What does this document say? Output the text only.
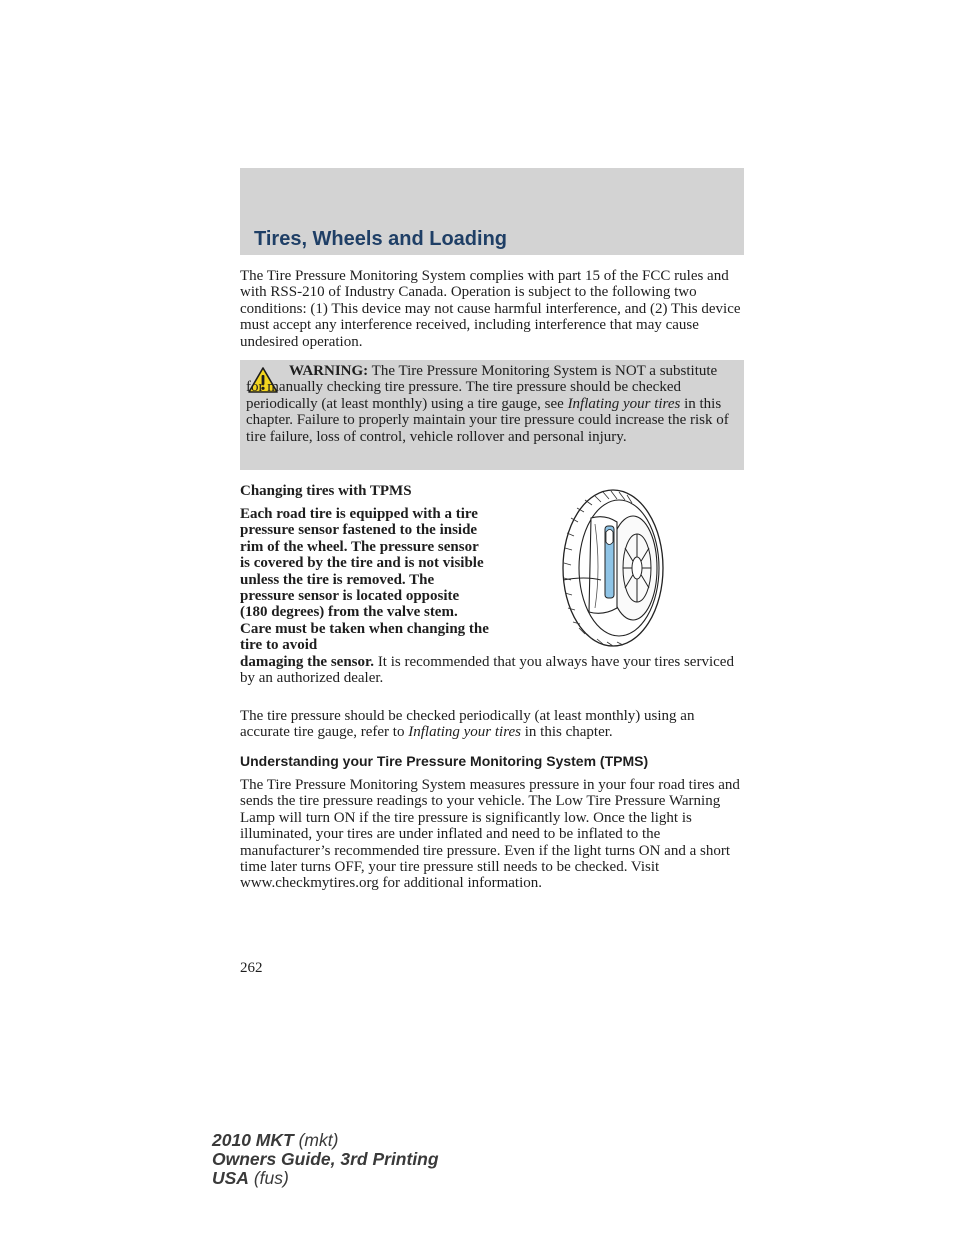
Tires, Wheels and Loading

The Tire Pressure Monitoring System complies with part 15 of the FCC rules and with RSS-210 of Industry Canada. Operation is subject to the following two conditions: (1) This device may not cause harmful interference, and (2) This device must accept any interference received, including interference that may cause undesired operation.

WARNING: The Tire Pressure Monitoring System is NOT a substitute for manually checking tire pressure. The tire pressure should be checked periodically (at least monthly) using a tire gauge, see Inflating your tires in this chapter. Failure to properly maintain your tire pressure could increase the risk of tire failure, loss of control, vehicle rollover and personal injury.

Changing tires with TPMS

Each road tire is equipped with a tire pressure sensor fastened to the inside rim of the wheel. The pressure sensor is covered by the tire and is not visible unless the tire is removed. The pressure sensor is located opposite (180 degrees) from the valve stem. Care must be taken when changing the tire to avoid
damaging the sensor. It is recommended that you always have your tires serviced by an authorized dealer.

The tire pressure should be checked periodically (at least monthly) using an accurate tire gauge, refer to Inflating your tires in this chapter.

Understanding your Tire Pressure Monitoring System (TPMS)

The Tire Pressure Monitoring System measures pressure in your four road tires and sends the tire pressure readings to your vehicle. The Low Tire Pressure Warning Lamp will turn ON if the tire pressure is significantly low. Once the light is illuminated, your tires are under inflated and need to be inflated to the manufacturer’s recommended tire pressure. Even if the light turns ON and a short time later turns OFF, your tire pressure still needs to be checked. Visit www.checkmytires.org for additional information.

262

2010 MKT (mkt)
Owners Guide, 3rd Printing
USA (fus)
